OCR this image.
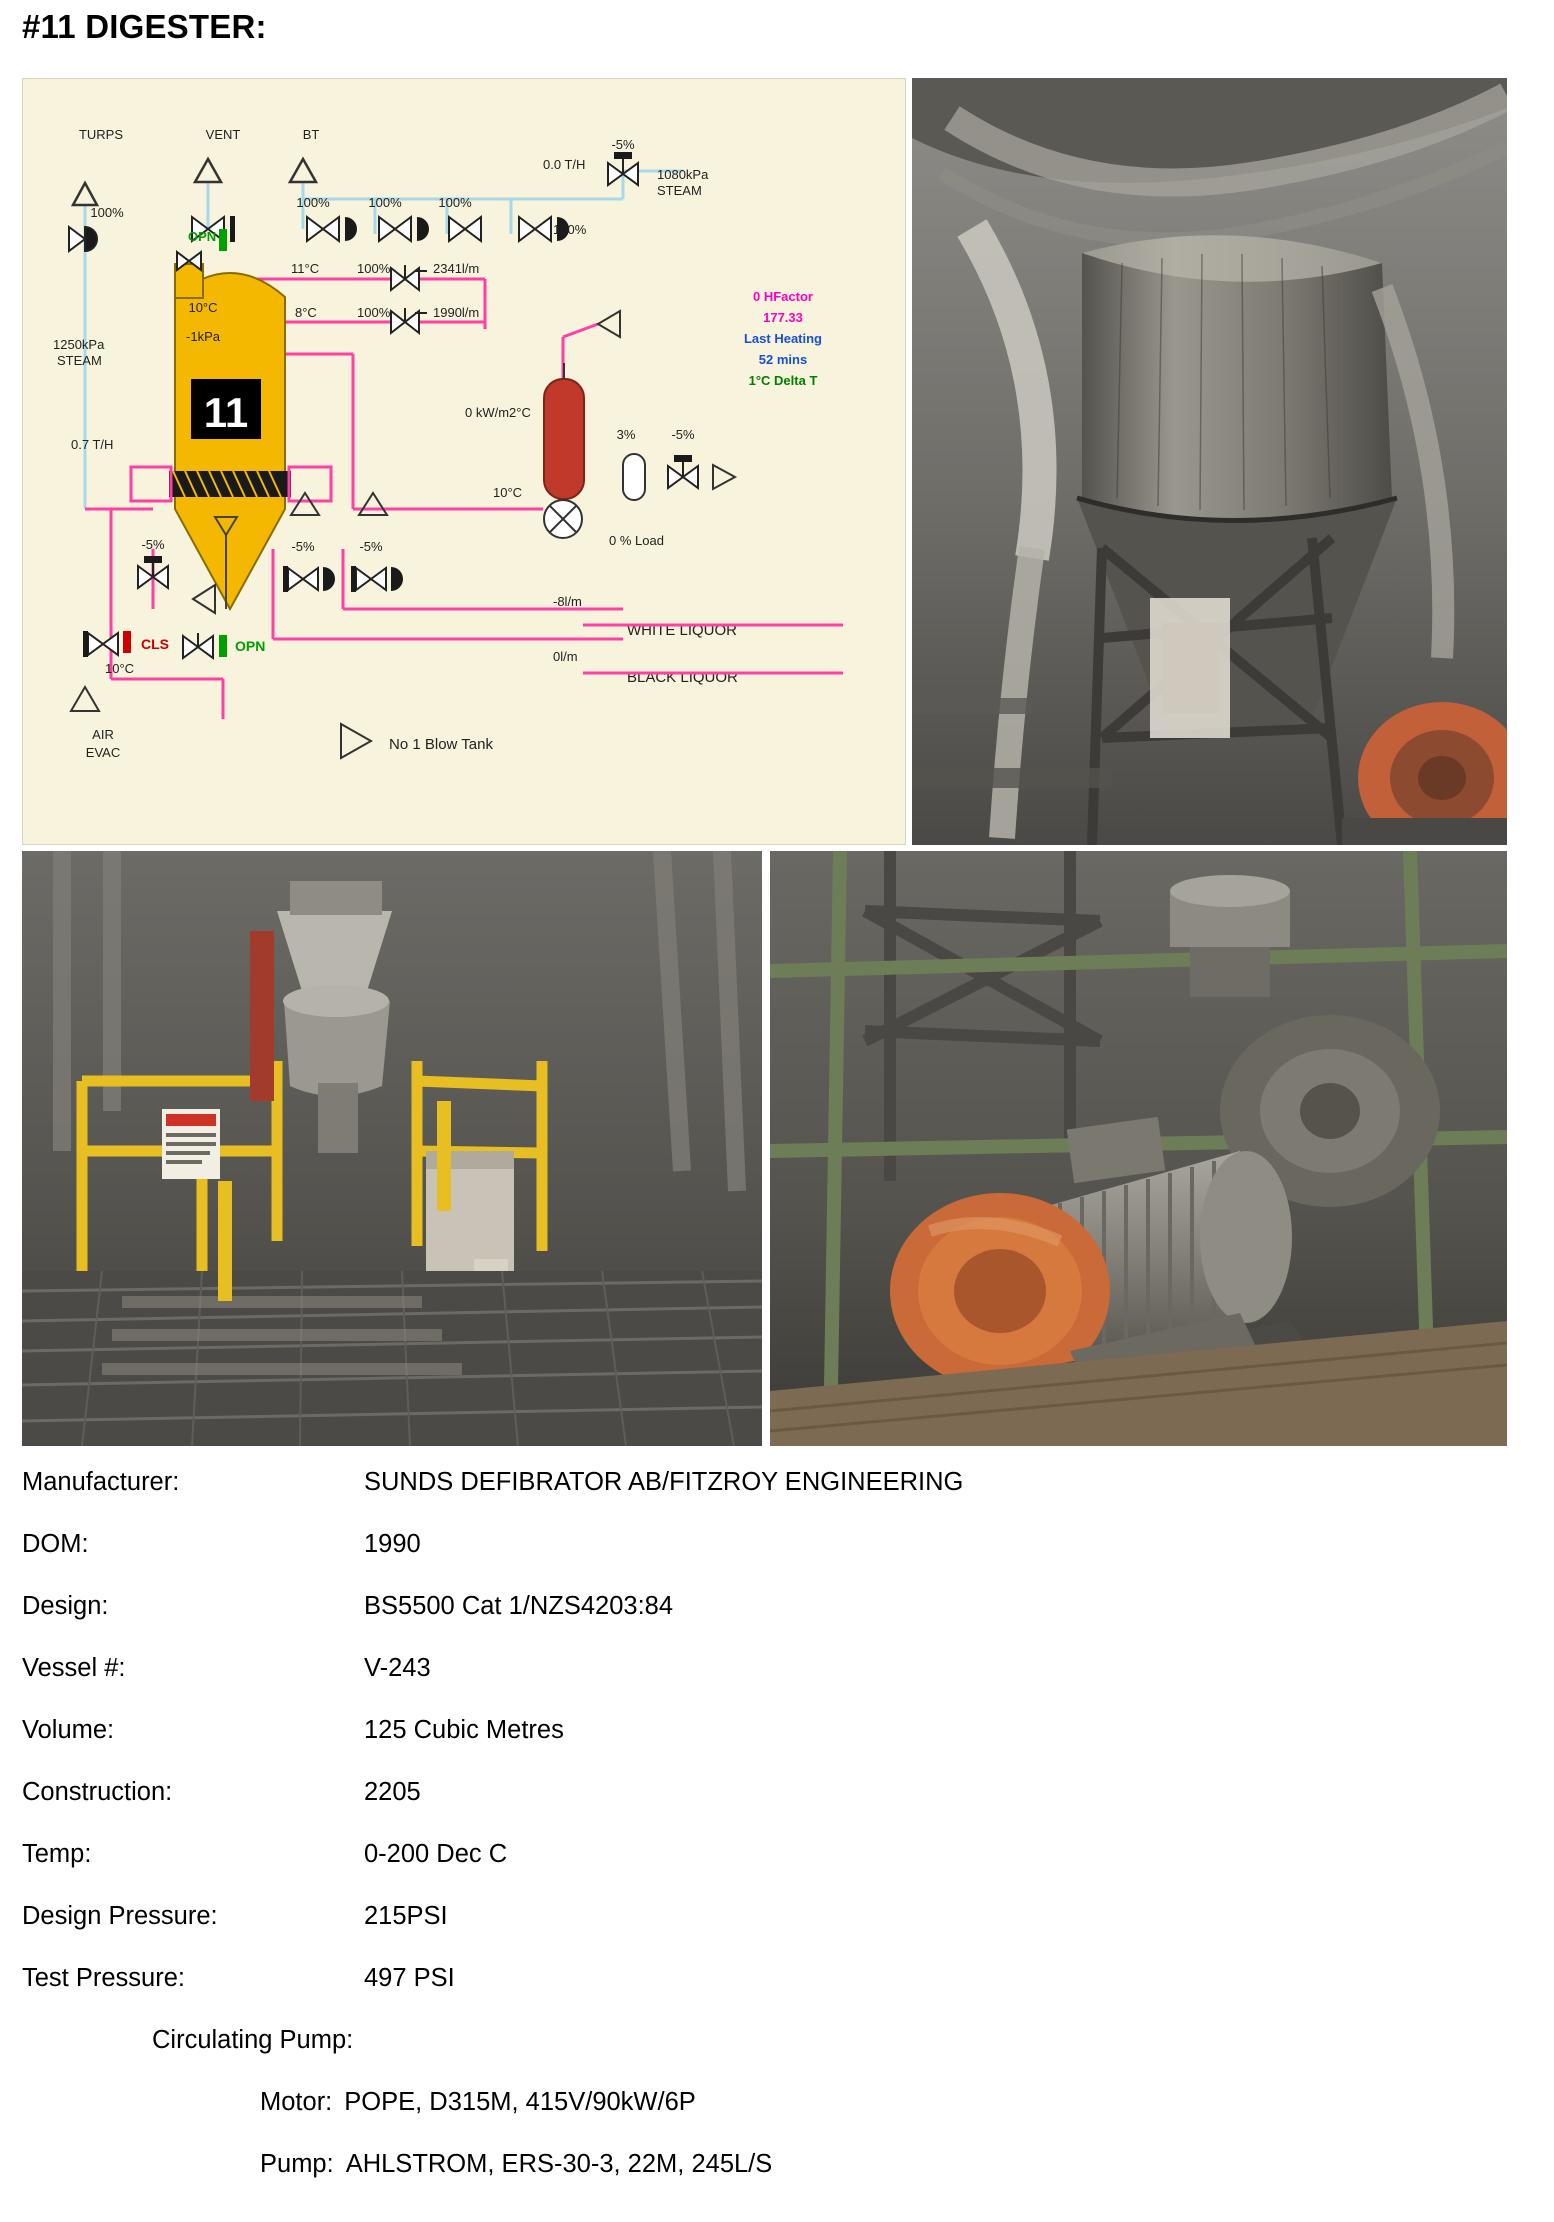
#11 DIGESTER:
TURPS	VENT	BT
100%
100%	100%	100%
100%
-5%
0.0 T/H
1080kPa
STEAM
11
10°C
-1kPa
OPN
1250kPa
STEAM
0.7 T/H
11°C	100%	2341l/m
8°C	100%	1990l/m
0 kW/m2°C
3%	-5%
10°C
0 % Load
0 HFactor
177.33
Last Heating
52 mins
1°C Delta T
-5%	-5%	-5%
-8l/m
WHITE LIQUOR
0l/m
BLACK LIQUOR
CLS
10°C
OPN
AIR
EVAC	No 1 Blow Tank
Manufacturer:	SUNDS DEFIBRATOR AB/FITZROY ENGINEERING
DOM:	1990
Design:	BS5500 Cat 1/NZS4203:84
Vessel #:	V-243
Volume:	125 Cubic Metres
Construction:	2205
Temp:	0-200 Dec C
Design Pressure:	215PSI
Test Pressure:	497 PSI
Circulating Pump:
Motor: POPE, D315M, 415V/90kW/6P
Pump: AHLSTROM, ERS-30-3, 22M, 245L/S
